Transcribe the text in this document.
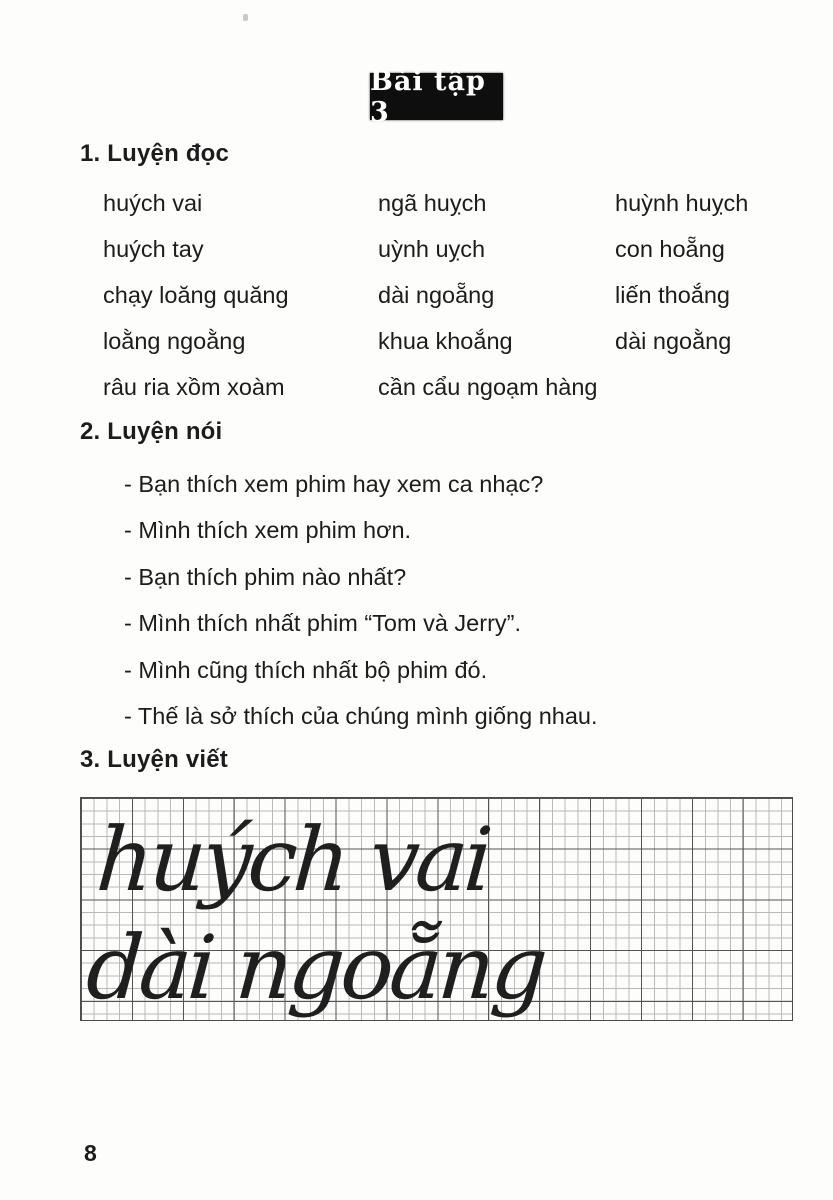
Bài tập 3
1. Luyện đọc
huých vai	ngã huỵch	huỳnh huỵch
huých tay	uỳnh uỵch	con hoẵng
chạy loăng quăng	dài ngoẵng	liến thoắng
loằng ngoằng	khua khoắng	dài ngoằng
râu ria xồm xoàm	cần cẩu ngoạm hàng
2. Luyện nói
- Bạn thích xem phim hay xem ca nhạc?
- Mình thích xem phim hơn.
- Bạn thích phim nào nhất?
- Mình thích nhất phim “Tom và Jerry”.
- Mình cũng thích nhất bộ phim đó.
- Thế là sở thích của chúng mình giống nhau.
3. Luyện viết
huých vai
dài ngoẵng
8
